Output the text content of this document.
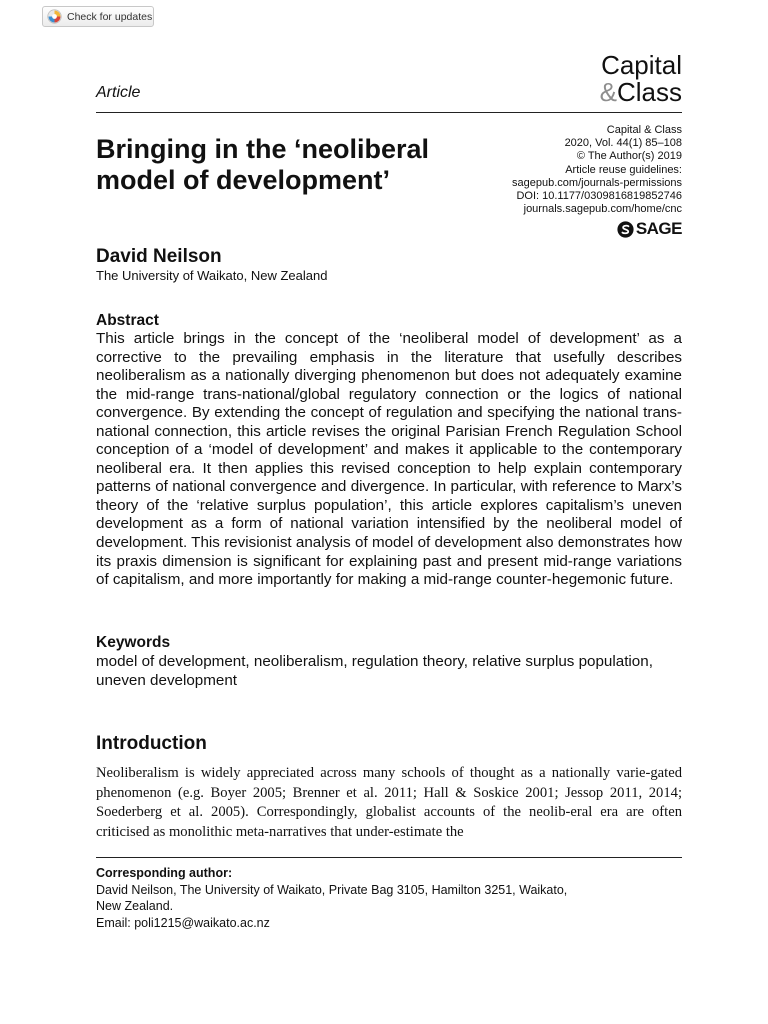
Check for updates
Capital
&Class
Article
Bringing in the ‘neoliberal model of development’
Capital & Class
2020, Vol. 44(1) 85–108
© The Author(s) 2019
Article reuse guidelines:
sagepub.com/journals-permissions
DOI: 10.1177/0309816819852746
journals.sagepub.com/home/cnc
SAGE
David Neilson
The University of Waikato, New Zealand
Abstract

This article brings in the concept of the ‘neoliberal model of development’ as a corrective to the prevailing emphasis in the literature that usefully describes neoliberalism as a nationally diverging phenomenon but does not adequately examine the mid-range trans-national/global regulatory connection or the logics of national convergence. By extending the concept of regulation and specifying the national trans-national connection, this article revises the original Parisian French Regulation School conception of a ‘model of development’ and makes it applicable to the contemporary neoliberal era. It then applies this revised conception to help explain contemporary patterns of national convergence and divergence. In particular, with reference to Marx’s theory of the ‘relative surplus population’, this article explores capitalism’s uneven development as a form of national variation intensified by the neoliberal model of development. This revisionist analysis of model of development also demonstrates how its praxis dimension is significant for explaining past and present mid-range variations of capitalism, and more importantly for making a mid-range counter-hegemonic future.

Keywords

model of development, neoliberalism, regulation theory, relative surplus population, uneven development

Introduction

Neoliberalism is widely appreciated across many schools of thought as a nationally varie-gated phenomenon (e.g. Boyer 2005; Brenner et al. 2011; Hall & Soskice 2001; Jessop 2011, 2014; Soederberg et al. 2005). Correspondingly, globalist accounts of the neolib-eral era are often criticised as monolithic meta-narratives that under-estimate the

Corresponding author:
David Neilson, The University of Waikato, Private Bag 3105, Hamilton 3251, Waikato,
New Zealand.
Email: poli1215@waikato.ac.nz
